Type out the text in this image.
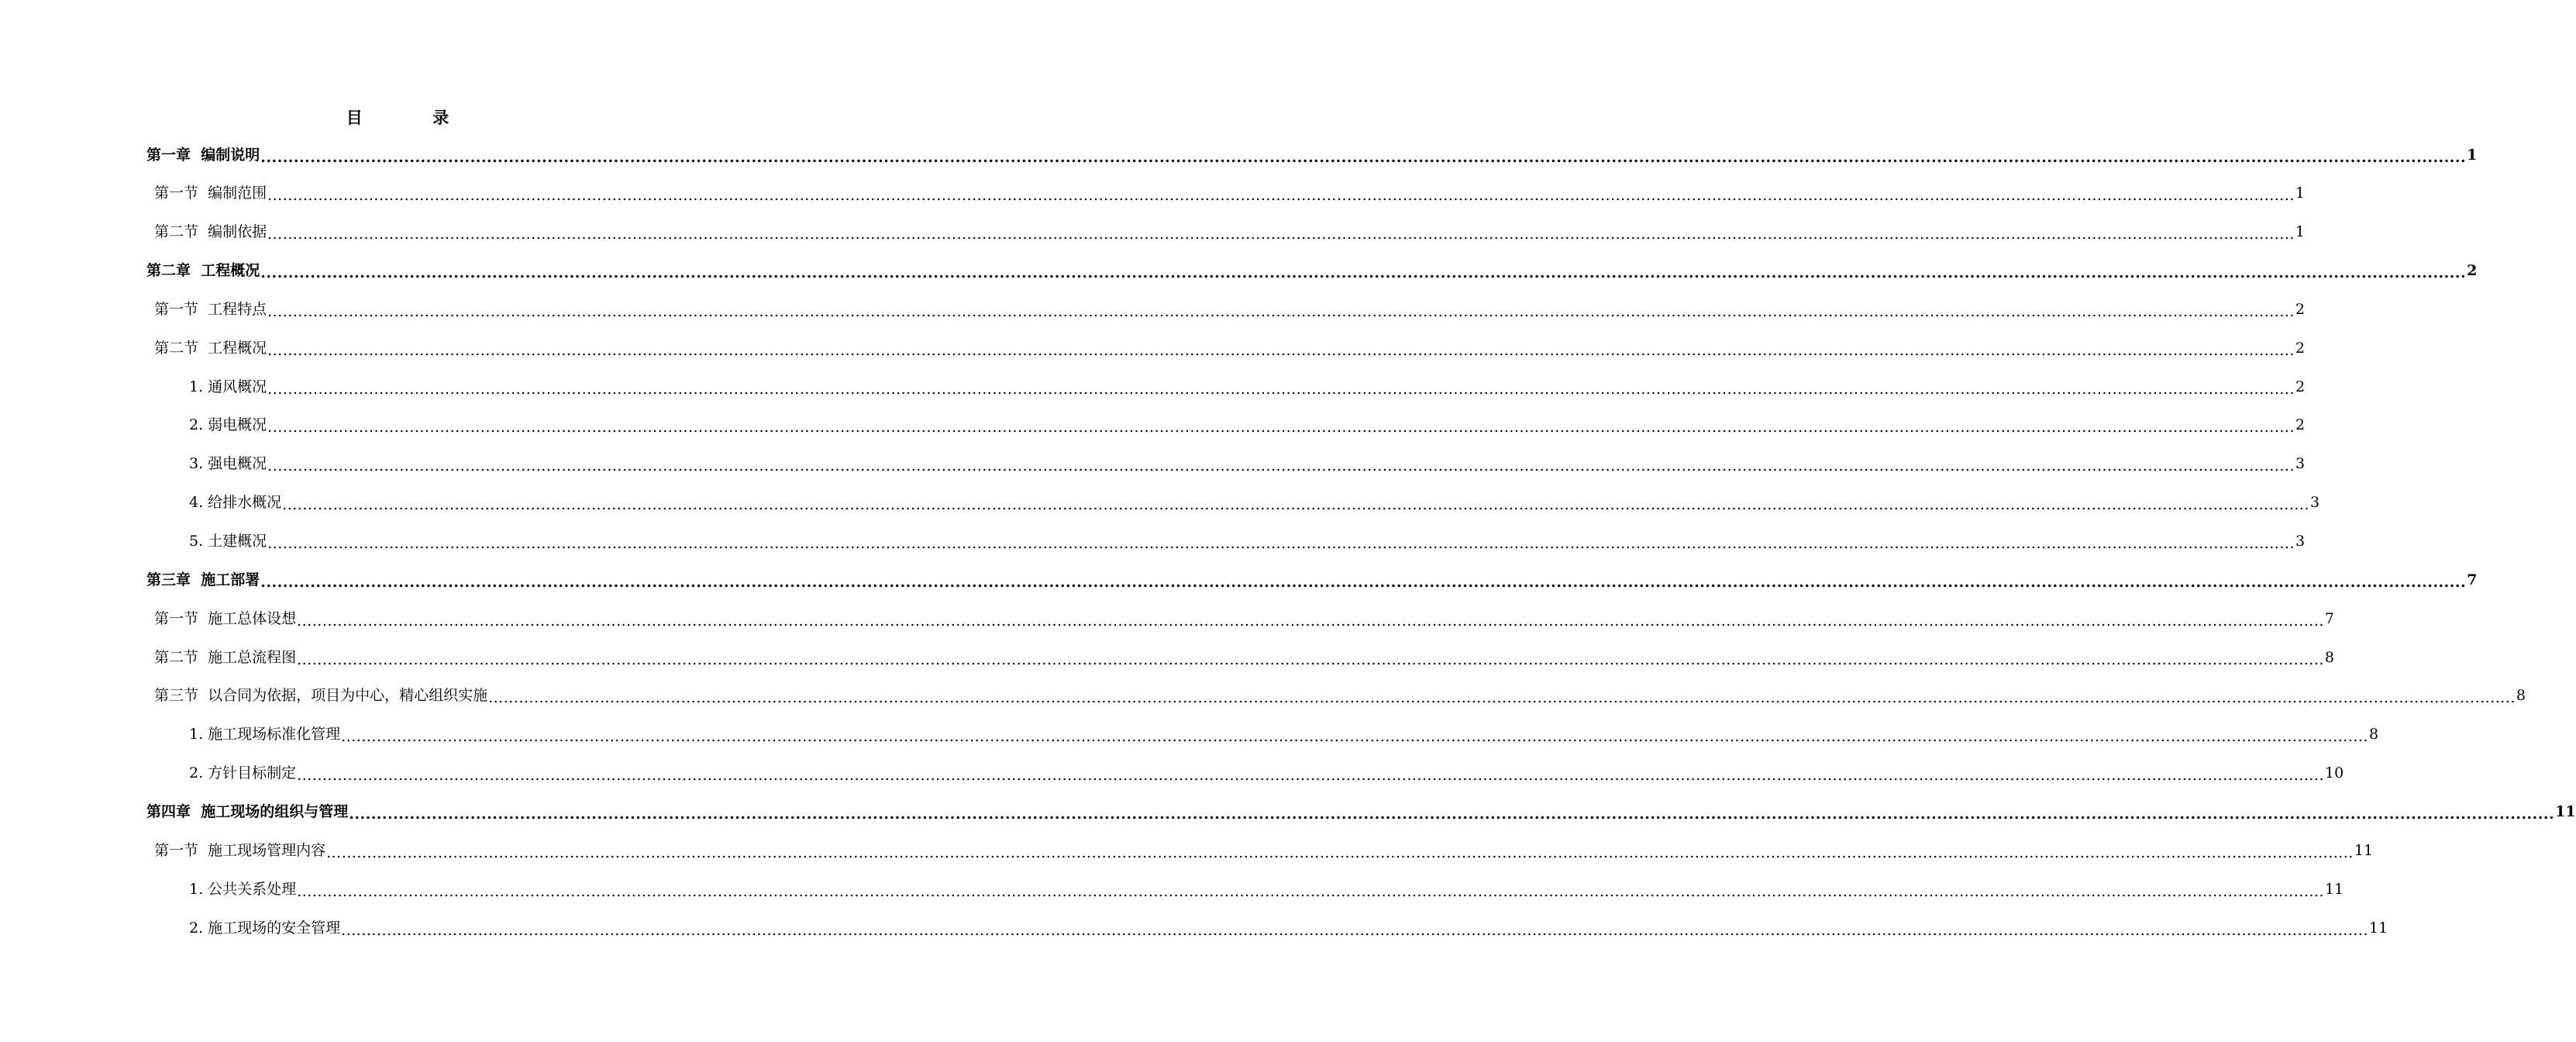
目  录
第一章  编制说明 ................................................................................................................................................................................................................................................................................................................................................................................................................ 1
第一节  编制范围 ................................................................................................................................................................................................................................................................................................................................................................................................................ 1
第二节  编制依据 ................................................................................................................................................................................................................................................................................................................................................................................................................ 1
第二章  工程概况 ................................................................................................................................................................................................................................................................................................................................................................................................................ 2
第一节  工程特点 ................................................................................................................................................................................................................................................................................................................................................................................................................ 2
第二节  工程概况 ................................................................................................................................................................................................................................................................................................................................................................................................................ 2
1. 通风概况 ................................................................................................................................................................................................................................................................................................................................................................................................................ 2
2. 弱电概况 ................................................................................................................................................................................................................................................................................................................................................................................................................ 2
3. 强电概况 ................................................................................................................................................................................................................................................................................................................................................................................................................ 3
4. 给排水概况 ................................................................................................................................................................................................................................................................................................................................................................................................................ 3
5. 土建概况 ................................................................................................................................................................................................................................................................................................................................................................................................................ 3
第三章  施工部署 ................................................................................................................................................................................................................................................................................................................................................................................................................ 7
第一节  施工总体设想 ................................................................................................................................................................................................................................................................................................................................................................................................................ 7
第二节  施工总流程图 ................................................................................................................................................................................................................................................................................................................................................................................................................ 8
第三节  以合同为依据，项目为中心，精心组织实施 ................................................................................................................................................................................................................................................................................................................................................................................................................ 8
1. 施工现场标准化管理 ................................................................................................................................................................................................................................................................................................................................................................................................................ 8
2. 方针目标制定 ................................................................................................................................................................................................................................................................................................................................................................................................................ 10
第四章  施工现场的组织与管理 ................................................................................................................................................................................................................................................................................................................................................................................................................ 11
第一节  施工现场管理内容 ................................................................................................................................................................................................................................................................................................................................................................................................................ 11
1. 公共关系处理 ................................................................................................................................................................................................................................................................................................................................................................................................................ 11
2. 施工现场的安全管理 ................................................................................................................................................................................................................................................................................................................................................................................................................ 11
